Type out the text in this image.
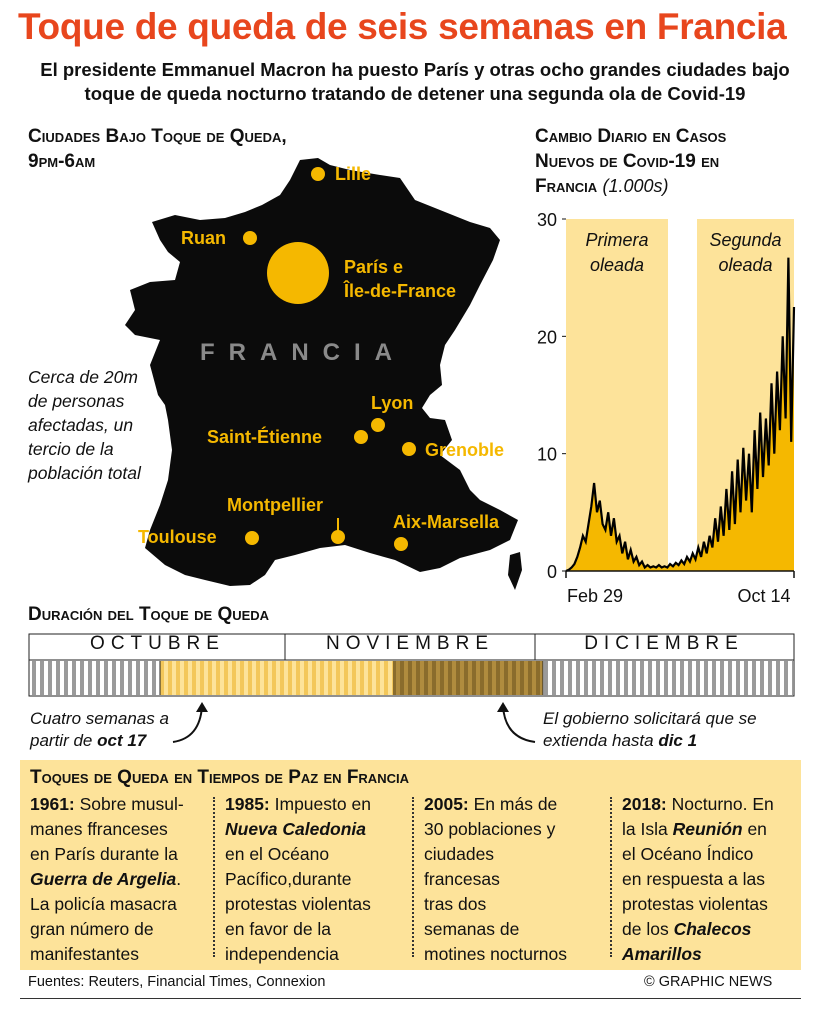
Toque de queda de seis semanas en Francia
El presidente Emmanuel Macron ha puesto París y otras ocho grandes ciudades bajo toque de queda nocturno tratando de detener una segunda ola de Covid-19
Ciudades Bajo Toque de Queda,
9pm-6am
FRANCIA
Lille
Ruan
París e
Île-de-France
Lyon
Saint-Étienne
Grenoble
Montpellier
Toulouse
Aix-Marsella
Cerca de 20m de personas afectadas, un tercio de la población total
Cambio Diario en Casos
Nuevos de Covid-19 en
Francia (1.000s)
Primera
oleada
Segunda
oleada
30
20
10
0
Feb 29	Oct 14
Duración del Toque de Queda
OCTUBRE	NOVIEMBRE	DICIEMBRE
Cuatro semanas a
partir de oct 17
El gobierno solicitará que se
extienda hasta dic 1
Toques de Queda en Tiempos de Paz en Francia
1961: Sobre musul-
manes ffranceses
en París durante la
Guerra de Argelia.
La policía masacra
gran número de
manifestantes
1985: Impuesto en
Nueva Caledonia
en el Océano
Pacífico,durante
protestas violentas
en favor de la
independencia
2005: En más de
30 poblaciones y
ciudades
francesas
tras dos
semanas de
motines nocturnos
2018: Nocturno. En
la Isla Reunión en
el Océano Índico
en respuesta a las
protestas violentas
de los Chalecos
Amarillos
Fuentes: Reuters, Financial Times, Connexion	© GRAPHIC NEWS
